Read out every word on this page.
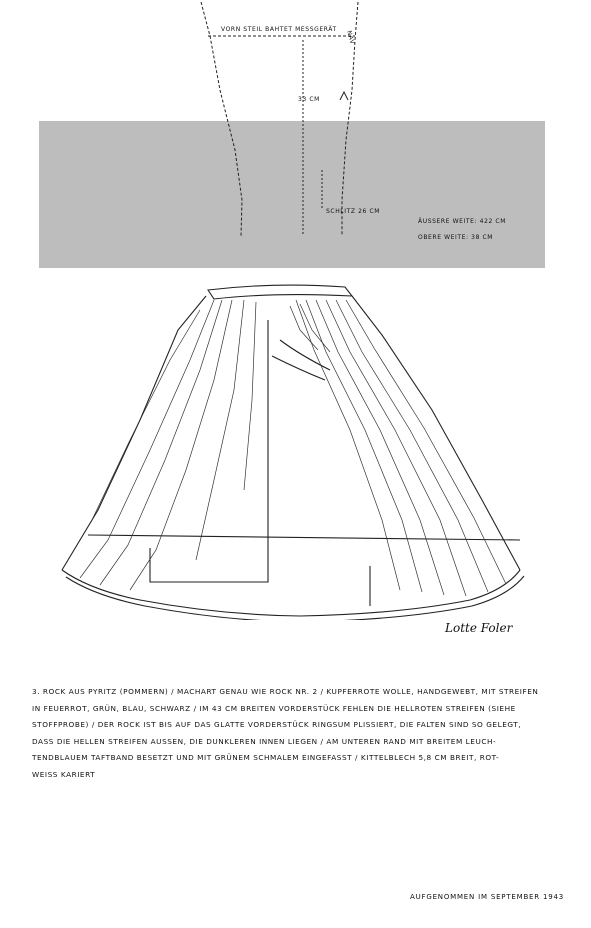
VORN STEIL BAHTET MESSGERÄT
NAV
33 CM
SCHLITZ 26 CM
ÄUSSERE WEITE: 422 CM
OBERE WEITE: 38 CM
Lotte Foler
3. ROCK AUS PYRITZ (POMMERN) / MACHART GENAU WIE ROCK NR. 2 / KUPFERROTE WOLLE, HANDGEWEBT, MIT STREIFEN
IN FEUERROT, GRÜN, BLAU, SCHWARZ / IM 43 CM BREITEN VORDERSTÜCK FEHLEN DIE HELLROTEN STREIFEN (SIEHE
STOFFPROBE) / DER ROCK IST BIS AUF DAS GLATTE VORDERSTÜCK RINGSUM PLISSIERT, DIE FALTEN SIND SO GELEGT,
DASS DIE HELLEN STREIFEN AUSSEN, DIE DUNKLEREN INNEN LIEGEN / AM UNTEREN RAND MIT BREITEM LEUCH-
TENDBLAUEM TAFTBAND BESETZT UND MIT GRÜNEM SCHMALEM EINGEFASST / KITTELBLECH 5,8 CM BREIT, ROT-
WEISS KARIERT
AUFGENOMMEN IM SEPTEMBER 1943
